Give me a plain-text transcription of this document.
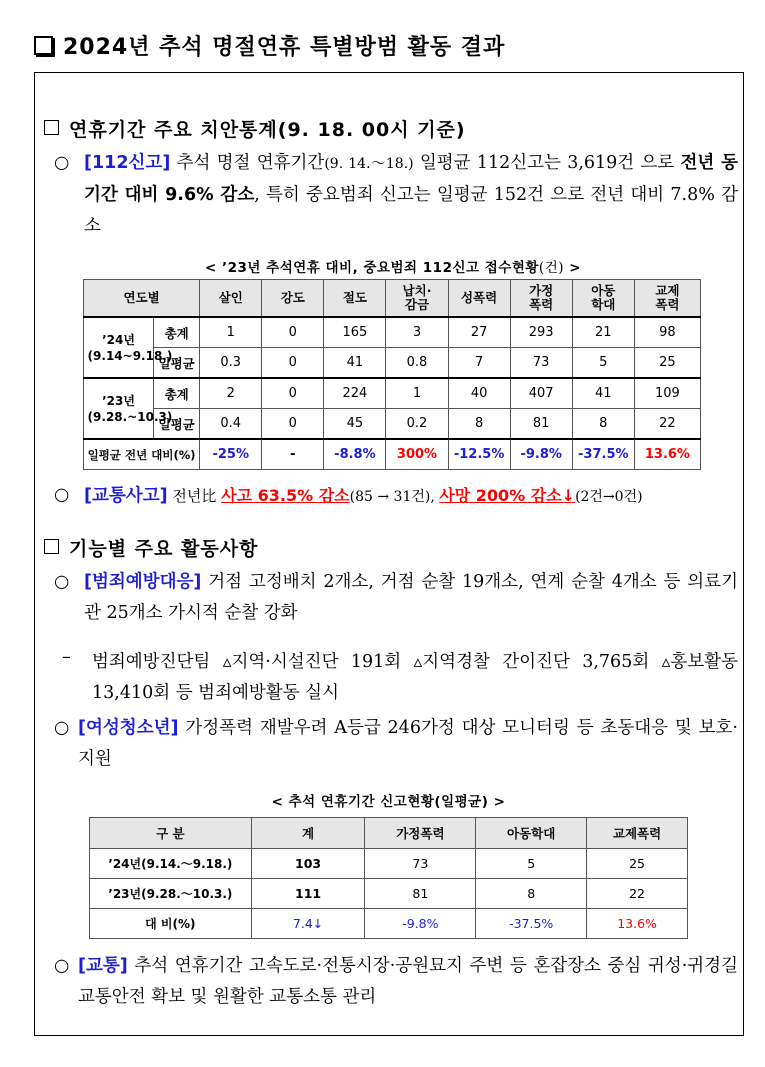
2024년 추석 명절연휴 특별방범 활동 결과
연휴기간 주요 치안통계(9. 18. 00시 기준)
○ [112신고] 추석 명절 연휴기간(9. 14.～18.) 일평균 112신고는 3,619건 으로 전년 동기간 대비 9.6% 감소, 특히 중요범죄 신고는 일평균 152건 으로 전년 대비 7.8% 감소
< ’23년 추석연휴 대비, 중요범죄 112신고 접수현황(건) >
연도별		살인	강도	절도	납치·감금	성폭력	가정폭력	아동학대	교제폭력
’24년 (9.14~9.18.)	총계	1	0	165	3	27	293	21	98
	일평균	0.3	0	41	0.8	7	73	5	25
’23년 (9.28.~10.3)	총계	2	0	224	1	40	407	41	109
	일평균	0.4	0	45	0.2	8	81	8	22
일평균 전년 대비(%)		-25%	-	-8.8%	300%	-12.5%	-9.8%	-37.5%	13.6%
○ [교통사고] 전년比 사고 63.5% 감소(85 → 31건), 사망 200% 감소↓(2건→0건)
기능별 주요 활동사항
○ [범죄예방대응] 거점 고정배치 2개소, 거점 순찰 19개소, 연계 순찰 4개소 등 의료기관 25개소 가시적 순찰 강화
– 범죄예방진단팀 ▵지역·시설진단 191회 ▵지역경찰 간이진단 3,765회 ▵홍보활동 13,410회 등 범죄예방활동 실시
○ [여성청소년] 가정폭력 재발우려 A등급 246가정 대상 모니터링 등 초동대응 및 보호·지원
< 추석 연휴기간 신고현황(일평균) >
구 분	계	가정폭력	아동학대	교제폭력
’24년(9.14.～9.18.)	103	73	5	25
’23년(9.28.～10.3.)	111	81	8	22
대 비(%)	7.4↓	-9.8%	-37.5%	13.6%
○ [교통] 추석 연휴기간 고속도로·전통시장·공원묘지 주변 등 혼잡장소 중심 귀성·귀경길 교통안전 확보 및 원활한 교통소통 관리
